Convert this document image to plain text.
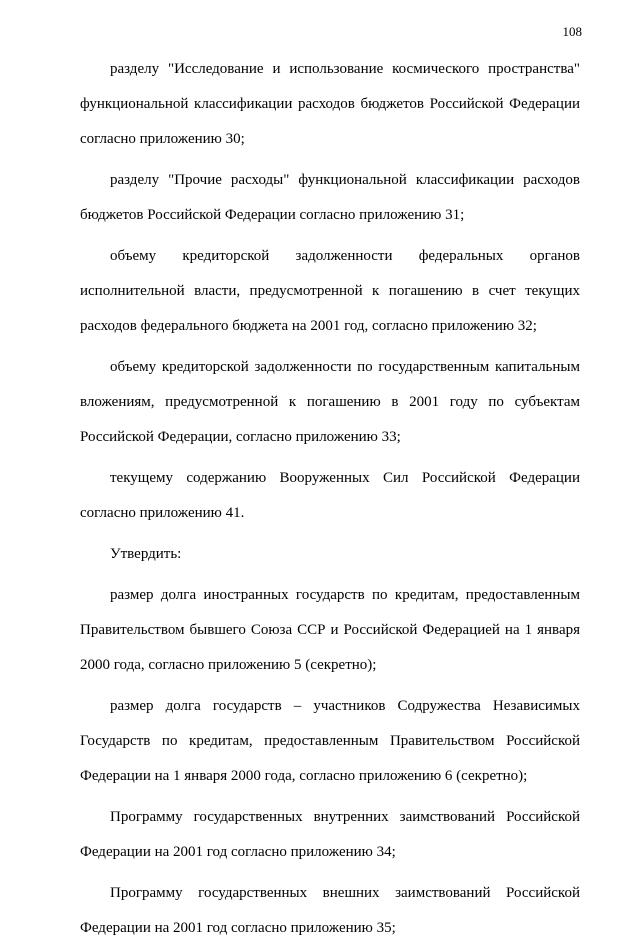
108
разделу "Исследование и использование космического пространства"
функциональной классификации расходов бюджетов Российской Федерации
согласно приложению 30;
разделу "Прочие расходы" функциональной классификации расходов
бюджетов Российской Федерации согласно приложению 31;
объему кредиторской задолженности федеральных органов
исполнительной власти, предусмотренной к погашению в счет текущих
расходов федерального бюджета на 2001 год, согласно приложению 32;
объему кредиторской задолженности по государственным капитальным
вложениям, предусмотренной к погашению в 2001 году по субъектам
Российской Федерации, согласно приложению 33;
текущему содержанию Вооруженных Сил Российской Федерации
согласно приложению 41.
Утвердить:
размер долга иностранных государств по кредитам, предоставленным
Правительством бывшего Союза ССР и Российской Федерацией на 1 января
2000 года, согласно приложению 5 (секретно);
размер долга государств – участников Содружества Независимых
Государств по кредитам, предоставленным Правительством Российской
Федерации на 1 января 2000 года, согласно приложению 6 (секретно);
Программу государственных внутренних заимствований Российской
Федерации на 2001 год согласно приложению 34;
Программу государственных внешних заимствований Российской
Федерации на 2001 год согласно приложению 35;
